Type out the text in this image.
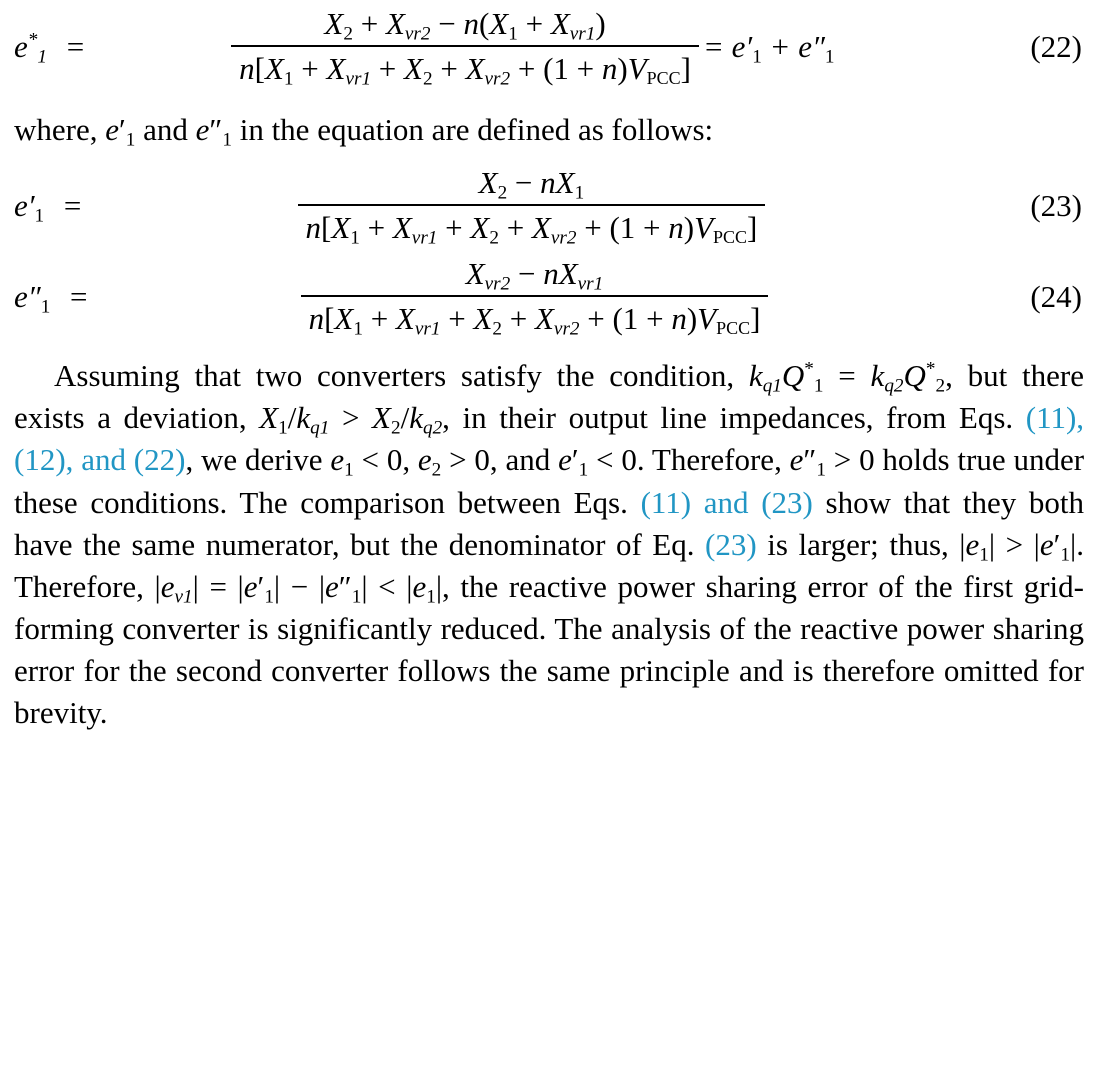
$e^*_1$ =	$\frac{X_2 + X_{vr2} - n(X_1 + X_{vr1})}{n[X_1 + X_{vr1} + X_2 + X_{vr2} + (1 + n)V_{PCC}]} = e'_1 + e''_1$	(22)

where, $e'_1$ and $e''_1$ in the equation are defined as follows:

$e'_1$ =	$\frac{X_2 - nX_1}{n[X_1 + X_{vr1} + X_2 + X_{vr2} + (1 + n)V_{PCC}]}$	(23)
$e''_1$ =	$\frac{X_{vr2} - nX_{vr1}}{n[X_1 + X_{vr1} + X_2 + X_{vr2} + (1 + n)V_{PCC}]}$	(24)

Assuming that two converters satisfy the condition, $k_{q1}Q^*_1 = k_{q2}Q^*_2$, but there exists a deviation, $X_1/k_{q1} > X_2/k_{q2}$, in their output line impedances, from Eqs. (11), (12), and (22), we derive $e_1 < 0$, $e_2 > 0$, and $e'_1 < 0$. Therefore, $e''_1 > 0$ holds true under these conditions. The comparison between Eqs. (11) and (23) show that they both have the same numerator, but the denominator of Eq. (23) is larger; thus, $|e_1| > |e'_1|$. Therefore, $|e_{v1}| = |e'_1| - |e''_1| < |e_1|$, the reactive power sharing error of the first grid-forming converter is significantly reduced. The analysis of the reactive power sharing error for the second converter follows the same principle and is therefore omitted for brevity.
